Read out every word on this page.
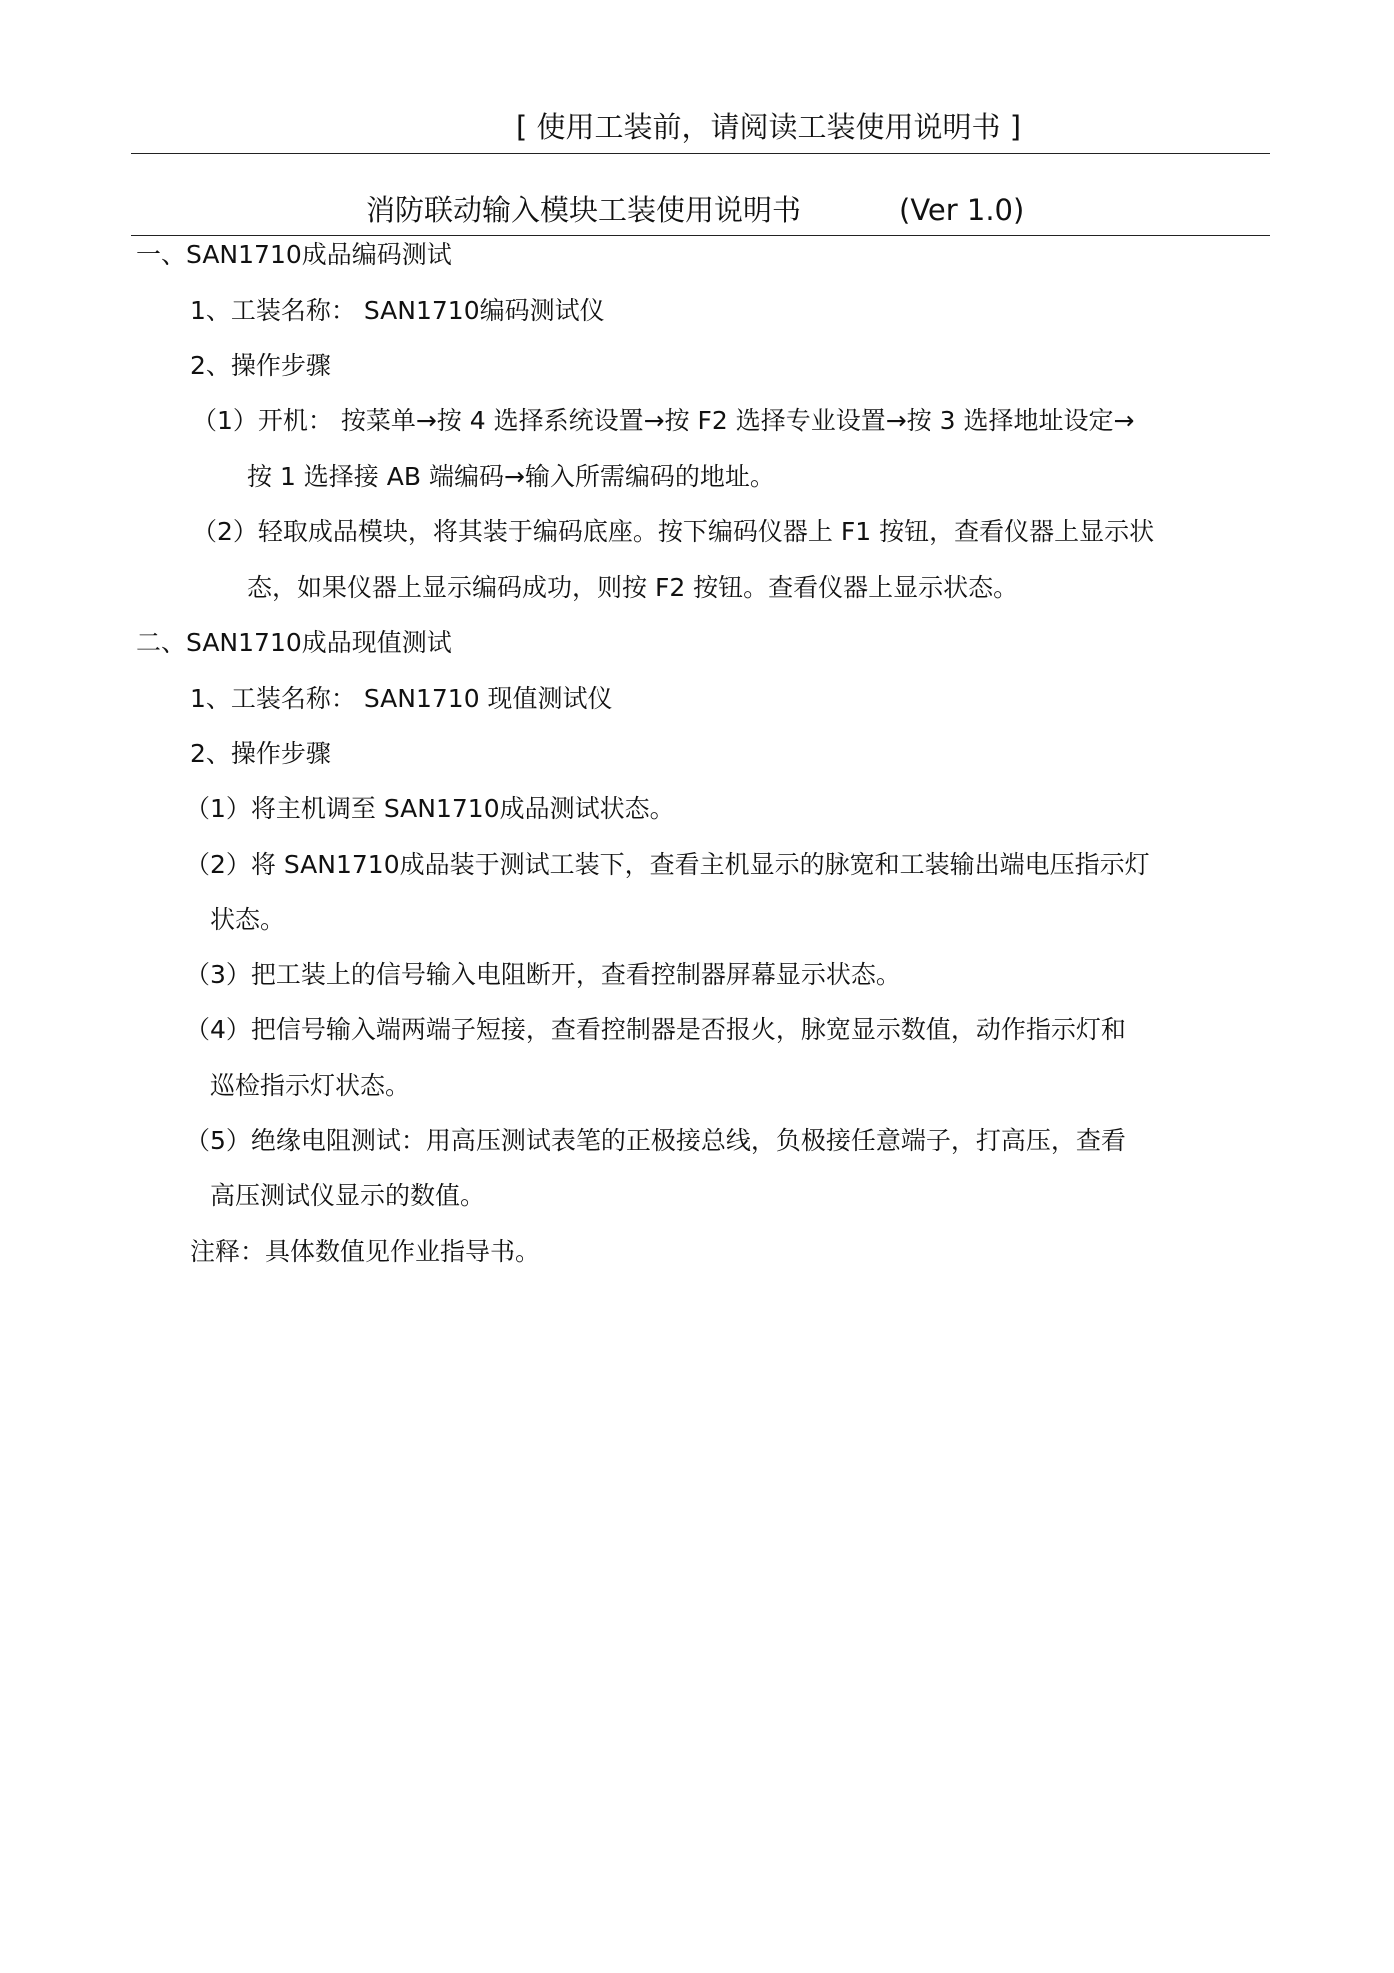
[ 使用工装前，请阅读工装使用说明书 ]
消防联动输入模块工装使用说明书	(Ver 1.0)
一、SAN1710成品编码测试
1、工装名称： SAN1710编码测试仪
2、操作步骤
（1）开机： 按菜单→按 4 选择系统设置→按 F2 选择专业设置→按 3 选择地址设定→
按 1 选择接 AB 端编码→输入所需编码的地址。
（2）轻取成品模块，将其装于编码底座。按下编码仪器上 F1 按钮，查看仪器上显示状
态，如果仪器上显示编码成功，则按 F2 按钮。查看仪器上显示状态。
二、SAN1710成品现值测试
1、工装名称： SAN1710 现值测试仪
2、操作步骤
（1）将主机调至 SAN1710成品测试状态。
（2）将 SAN1710成品装于测试工装下，查看主机显示的脉宽和工装输出端电压指示灯
状态。
（3）把工装上的信号输入电阻断开，查看控制器屏幕显示状态。
（4）把信号输入端两端子短接，查看控制器是否报火，脉宽显示数值，动作指示灯和
巡检指示灯状态。
（5）绝缘电阻测试：用高压测试表笔的正极接总线，负极接任意端子，打高压，查看
高压测试仪显示的数值。
注释：具体数值见作业指导书。
